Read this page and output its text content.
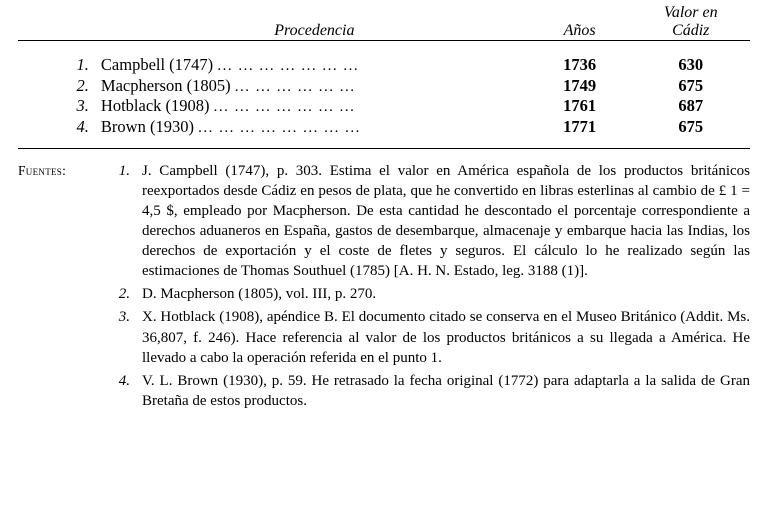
	Procedencia	Años	Valor en
Cádiz

1.	Campbell (1747) ... ... ... ... ... ... ...	1736	630
2.	Macpherson (1805) ... ... ... ... ... ...	1749	675
3.	Hotblack (1908) ... ... ... ... ... ... ...	1761	687
4.	Brown (1930) ... ... ... ... ... ... ... ...	1771	675

Fuentes:	1. J. Campbell (1747), p. 303. Estima el valor en América española de los productos británicos reexportados desde Cádiz en pesos de plata, que he convertido en libras esterlinas al cambio de £ 1 = 4,5 $, empleado por Macpherson. De esta cantidad he descontado el porcentaje correspondiente a derechos aduaneros en España, gastos de desembarque, almacenaje y embarque hacia las Indias, los derechos de exportación y el coste de fletes y seguros. El cálculo lo he realizado según las estimaciones de Thomas Southuel (1785) [A. H. N. Estado, leg. 3188 (1)].
2. D. Macpherson (1805), vol. III, p. 270.
3. X. Hotblack (1908), apéndice B. El documento citado se conserva en el Museo Británico (Addit. Ms. 36,807, f. 246). Hace referencia al valor de los productos británicos a su llegada a América. He llevado a cabo la operación referida en el punto 1.
4. V. L. Brown (1930), p. 59. He retrasado la fecha original (1772) para adaptarla a la salida de Gran Bretaña de estos productos.
